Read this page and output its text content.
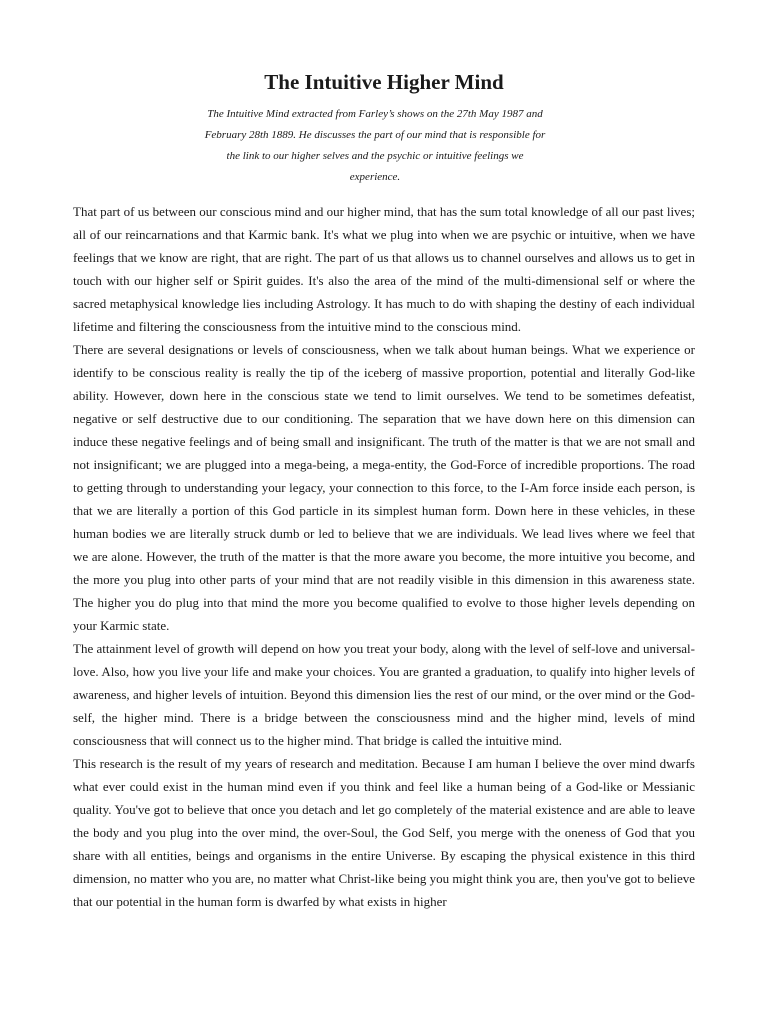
The Intuitive Higher Mind

The Intuitive Mind extracted from Farley’s shows on the 27th May 1987 and February 28th 1889. He discusses the part of our mind that is responsible for the link to our higher selves and the psychic or intuitive feelings we experience.

That part of us between our conscious mind and our higher mind, that has the sum total knowledge of all our past lives; all of our reincarnations and that Karmic bank. It's what we plug into when we are psychic or intuitive, when we have feelings that we know are right, that are right. The part of us that allows us to channel ourselves and allows us to get in touch with our higher self or Spirit guides. It's also the area of the mind of the multi-dimensional self or where the sacred metaphysical knowledge lies including Astrology. It has much to do with shaping the destiny of each individual lifetime and filtering the consciousness from the intuitive mind to the conscious mind.

There are several designations or levels of consciousness, when we talk about human beings. What we experience or identify to be conscious reality is really the tip of the iceberg of massive proportion, potential and literally God-like ability. However, down here in the conscious state we tend to limit ourselves. We tend to be sometimes defeatist, negative or self destructive due to our conditioning. The separation that we have down here on this dimension can induce these negative feelings and of being small and insignificant. The truth of the matter is that we are not small and not insignificant; we are plugged into a mega-being, a mega-entity, the God-Force of incredible proportions. The road to getting through to understanding your legacy, your connection to this force, to the I-Am force inside each person, is that we are literally a portion of this God particle in its simplest human form. Down here in these vehicles, in these human bodies we are literally struck dumb or led to believe that we are individuals. We lead lives where we feel that we are alone. However, the truth of the matter is that the more aware you become, the more intuitive you become, and the more you plug into other parts of your mind that are not readily visible in this dimension in this awareness state. The higher you do plug into that mind the more you become qualified to evolve to those higher levels depending on your Karmic state.

The attainment level of growth will depend on how you treat your body, along with the level of self-love and universal-love. Also, how you live your life and make your choices. You are granted a graduation, to qualify into higher levels of awareness, and higher levels of intuition. Beyond this dimension lies the rest of our mind, or the over mind or the God-self, the higher mind. There is a bridge between the consciousness mind and the higher mind, levels of mind consciousness that will connect us to the higher mind. That bridge is called the intuitive mind.

This research is the result of my years of research and meditation. Because I am human I believe the over mind dwarfs what ever could exist in the human mind even if you think and feel like a human being of a God-like or Messianic quality. You've got to believe that once you detach and let go completely of the material existence and are able to leave the body and you plug into the over mind, the over-Soul, the God Self, you merge with the oneness of God that you share with all entities, beings and organisms in the entire Universe. By escaping the physical existence in this third dimension, no matter who you are, no matter what Christ-like being you might think you are, then you've got to believe that our potential in the human form is dwarfed by what exists in higher
